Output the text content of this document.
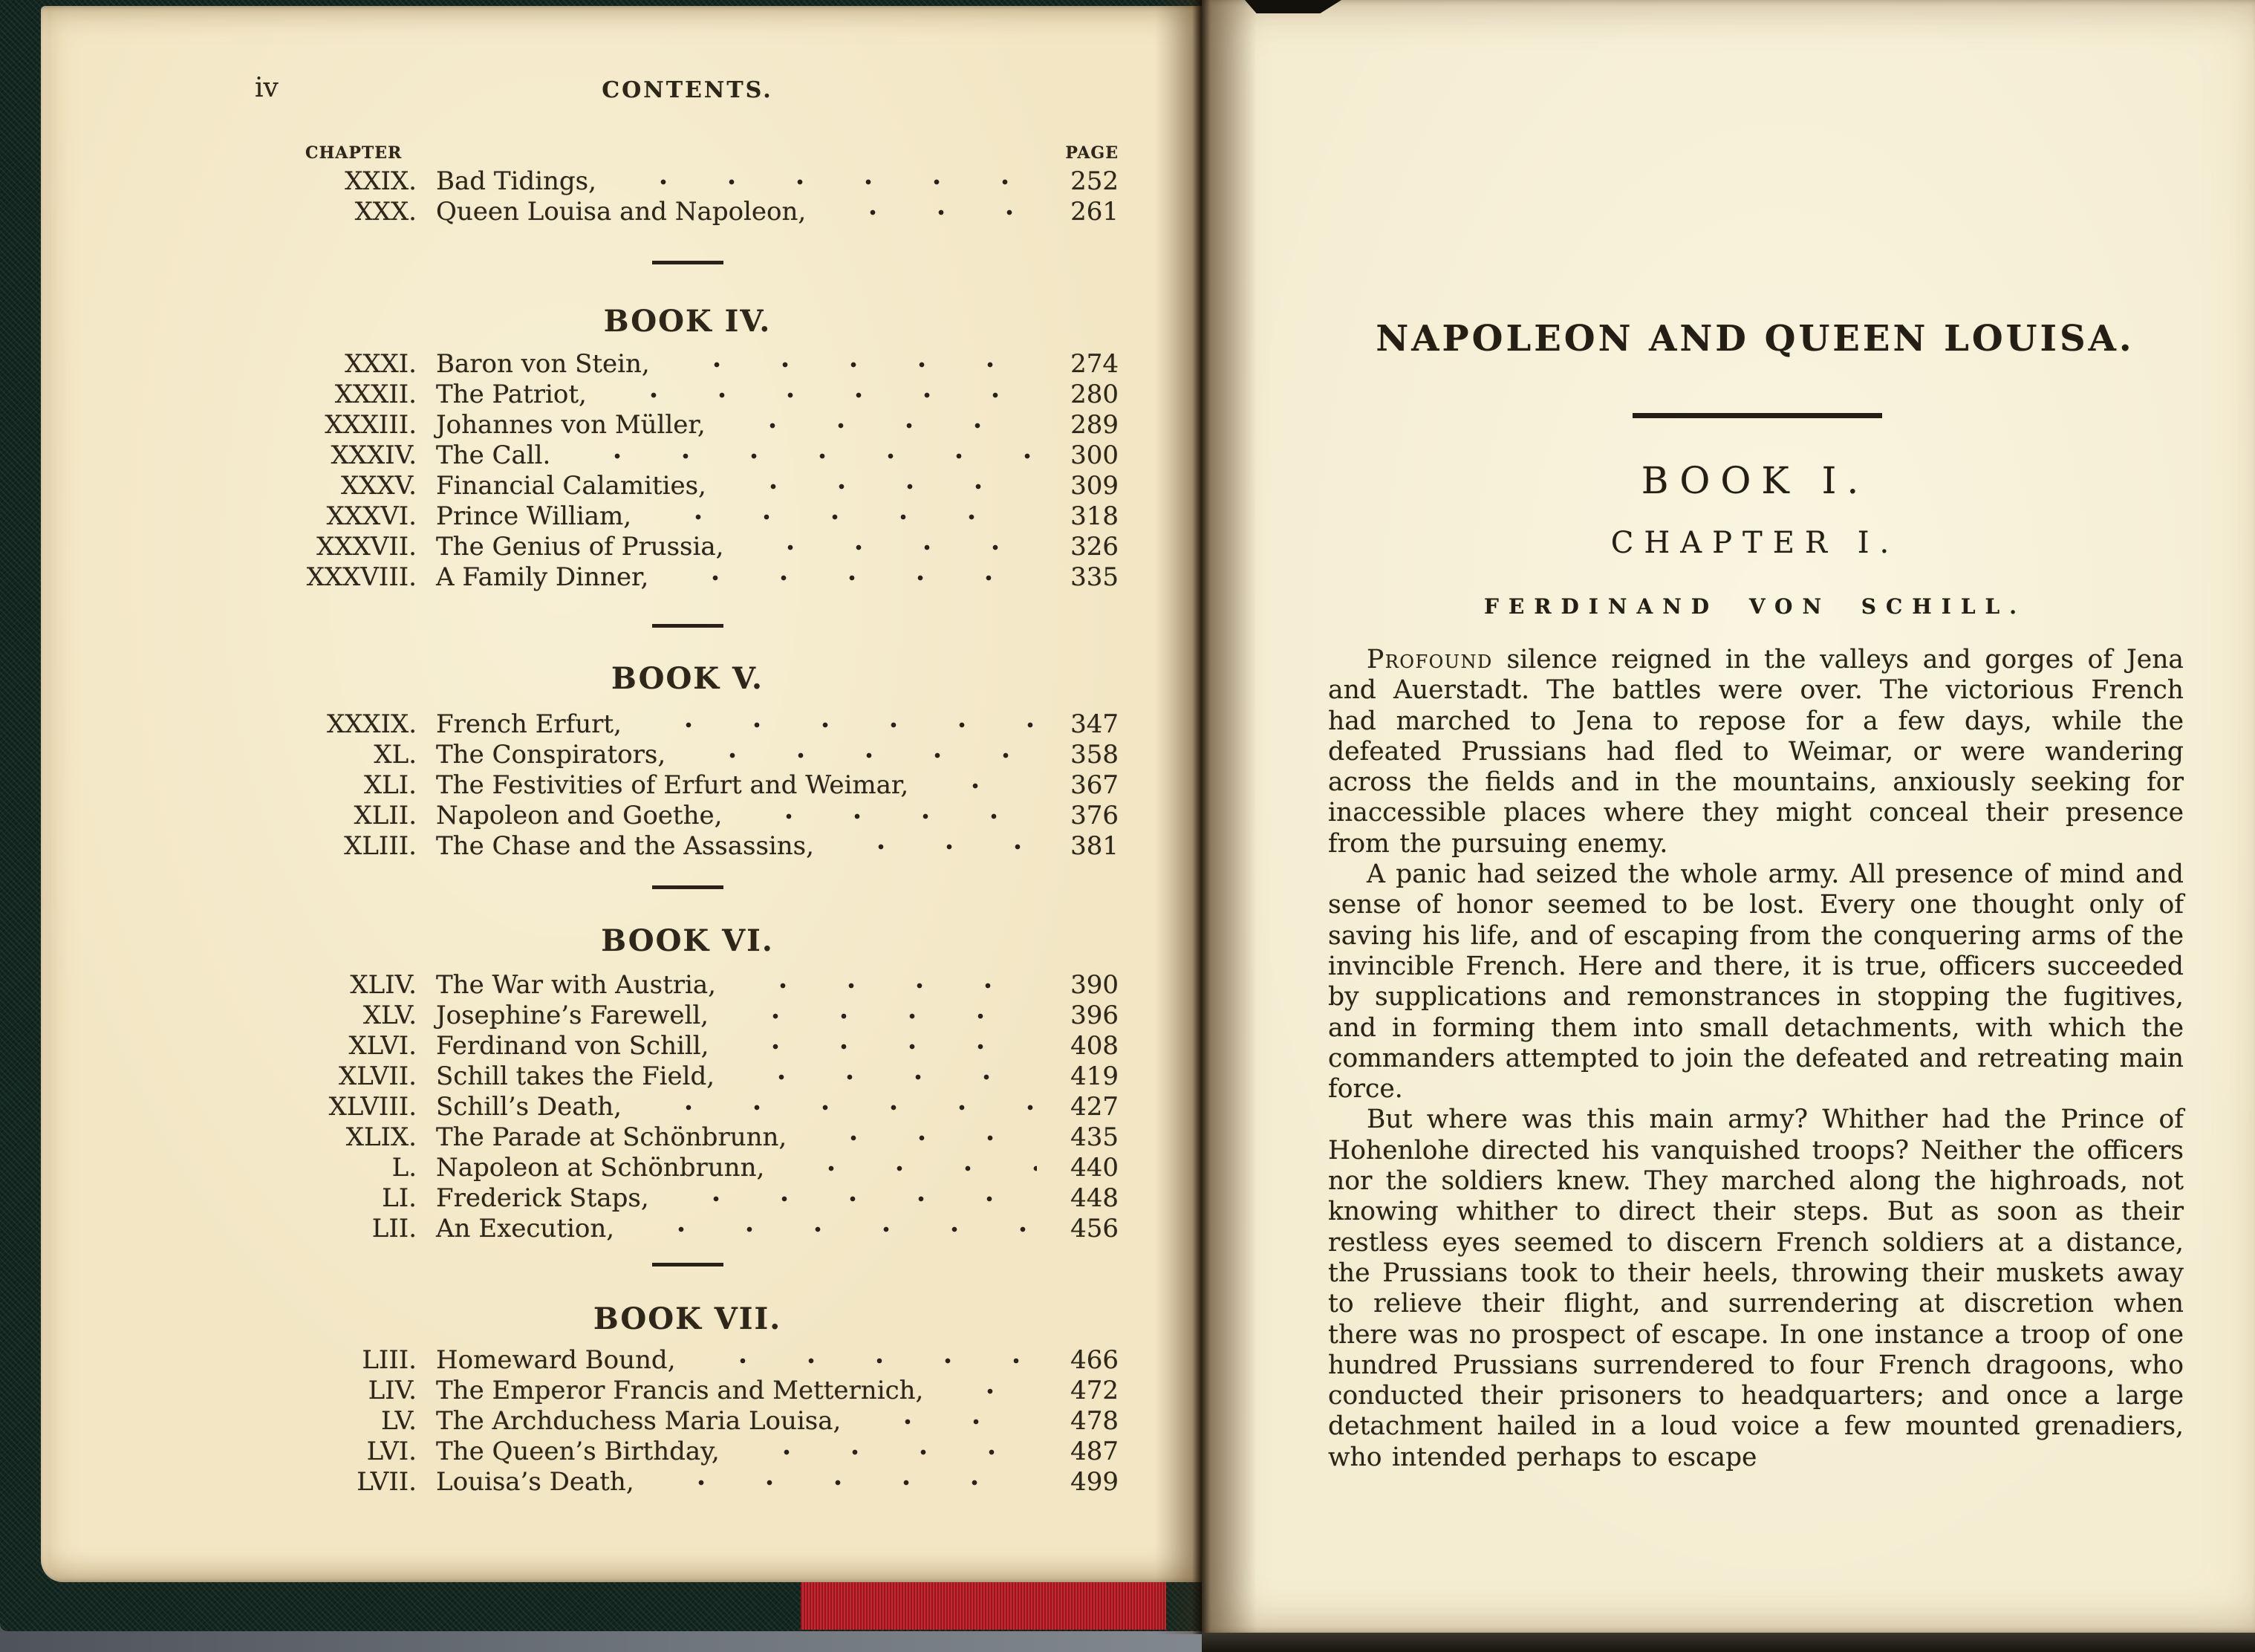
iv	CONTENTS.
CHAPTER	PAGE
XXIX. Bad Tidings,	252
XXX. Queen Louisa and Napoleon,	261
BOOK IV.
XXXI. Baron von Stein,	274
XXXII. The Patriot,	280
XXXIII. Johannes von Müller,	289
XXXIV. The Call.	300
XXXV. Financial Calamities,	309
XXXVI. Prince William,	318
XXXVII. The Genius of Prussia,	326
XXXVIII. A Family Dinner,	335
BOOK V.
XXXIX. French Erfurt,	347
XL. The Conspirators,	358
XLI. The Festivities of Erfurt and Weimar,	367
XLII. Napoleon and Goethe,	376
XLIII. The Chase and the Assassins,	381
BOOK VI.
XLIV. The War with Austria,	390
XLV. Josephine’s Farewell,	396
XLVI. Ferdinand von Schill,	408
XLVII. Schill takes the Field,	419
XLVIII. Schill’s Death,	427
XLIX. The Parade at Schönbrunn,	435
L. Napoleon at Schönbrunn,	440
LI. Frederick Staps,	448
LII. An Execution,	456
BOOK VII.
LIII. Homeward Bound,	466
LIV. The Emperor Francis and Metternich,	472
LV. The Archduchess Maria Louisa,	478
LVI. The Queen’s Birthday,	487
LVII. Louisa’s Death,	499
NAPOLEON AND QUEEN LOUISA.
BOOK I.
CHAPTER I.
FERDINAND VON SCHILL.

Profound silence reigned in the valleys and gorges of Jena and Auerstadt. The battles were over. The victorious French had marched to Jena to repose for a few days, while the defeated Prussians had fled to Weimar, or were wandering across the fields and in the mountains, anxiously seeking for inaccessible places where they might conceal their presence from the pursuing enemy.

A panic had seized the whole army. All presence of mind and sense of honor seemed to be lost. Every one thought only of saving his life, and of escaping from the conquering arms of the invincible French. Here and there, it is true, officers succeeded by supplications and remonstrances in stopping the fugitives, and in forming them into small detachments, with which the commanders attempted to join the defeated and retreating main force.

But where was this main army? Whither had the Prince of Hohenlohe directed his vanquished troops? Neither the officers nor the soldiers knew. They marched along the highroads, not knowing whither to direct their steps. But as soon as their restless eyes seemed to discern French soldiers at a distance, the Prussians took to their heels, throwing their muskets away to relieve their flight, and surrendering at discretion when there was no prospect of escape. In one instance a troop of one hundred Prussians surrendered to four French dragoons, who conducted their prisoners to headquarters; and once a large detachment hailed in a loud voice a few mounted grenadiers, who intended perhaps to escape
